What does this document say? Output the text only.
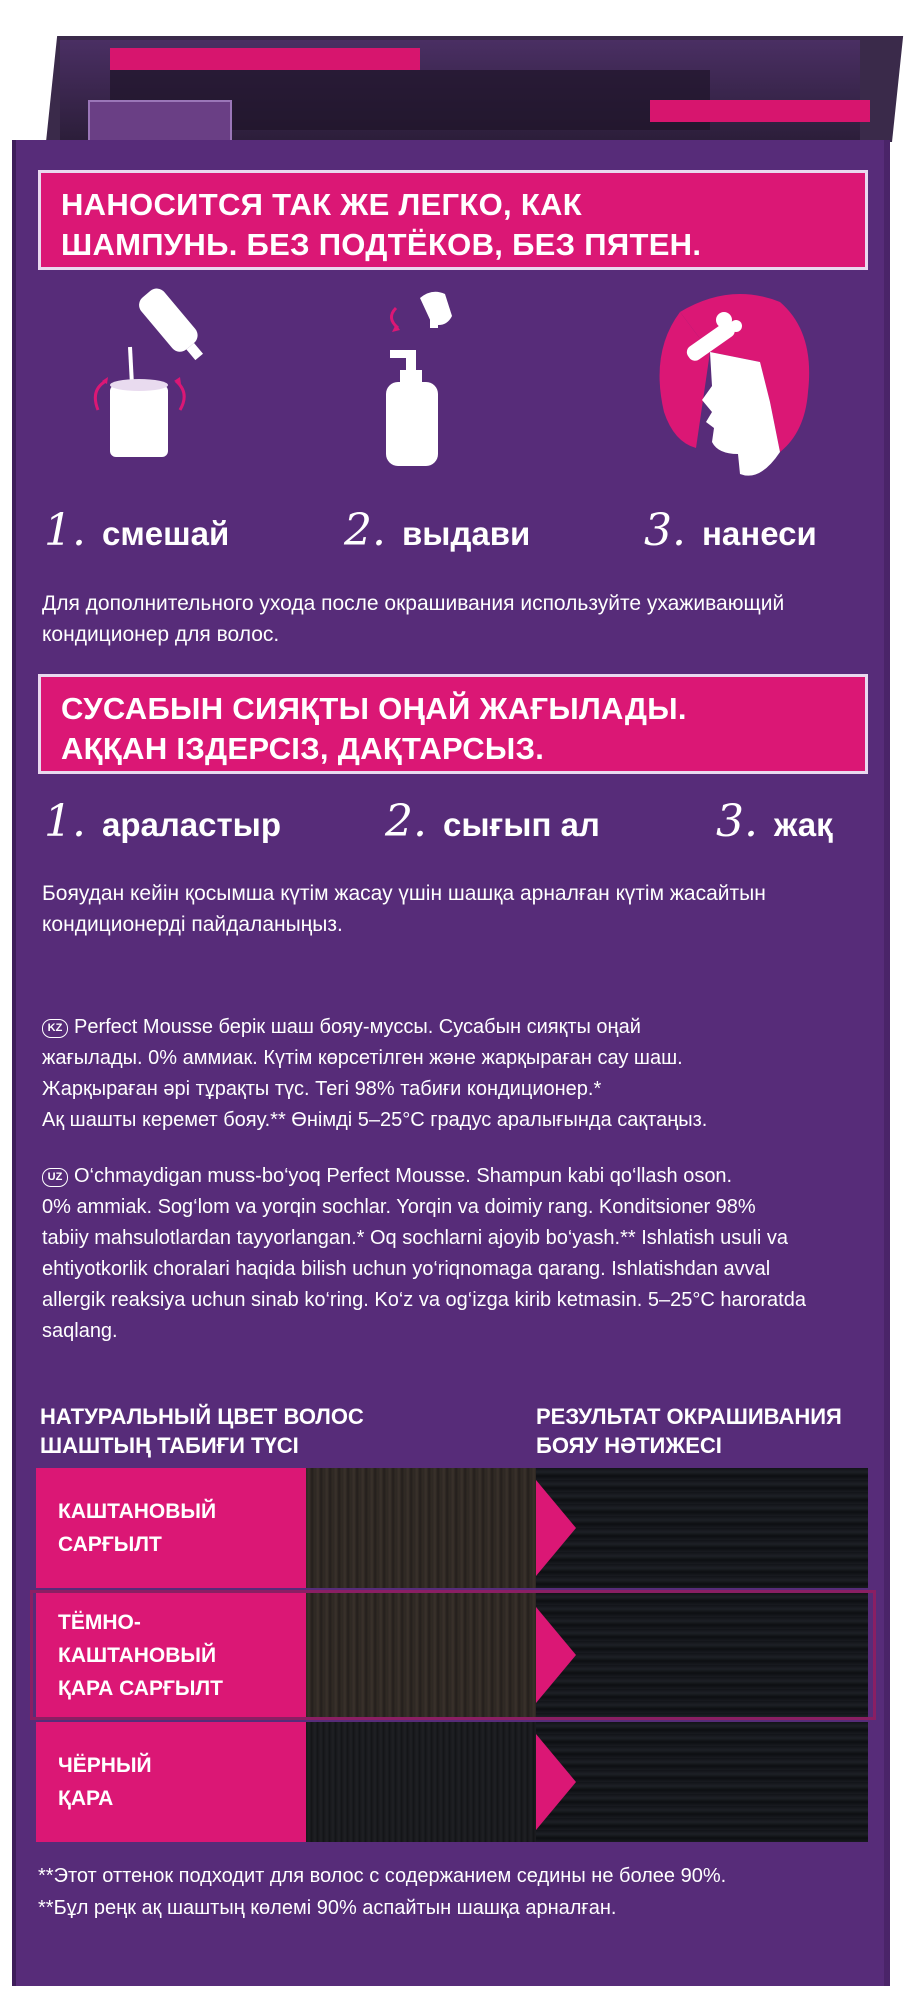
НАНОСИТСЯ ТАК ЖЕ ЛЕГКО, КАК
ШАМПУНЬ. БЕЗ ПОДТЁКОВ, БЕЗ ПЯТЕН.
1. смешай	2. выдави	3. нанеси
Для дополнительного ухода после окрашивания используйте ухаживающий
кондиционер для волос.
СУСАБЫН СИЯҚТЫ ОҢАЙ ЖАҒЫЛАДЫ.
АҚҚАН ІЗДЕРСІЗ, ДАҚТАРСЫЗ.
1. араластыр 2. сығып ал	3. жақ
Бояудан кейін қосымша күтім жасау үшін шашқа арналған күтім жасайтын
кондиционерді пайдаланыңыз.
KZ Perfect Mousse берік шаш бояу-муссы. Сусабын сияқты оңай
жағылады. 0% аммиак. Күтім көрсетілген және жарқыраған сау шаш.
Жарқыраған әрі тұрақты түс. Тегі 98% табиғи кондиционер.*
Ақ шашты керемет бояу.** Өнімді 5–25°С градус аралығында сақтаңыз.
UZ O‘chmaydigan muss-bo‘yoq Perfect Mousse. Shampun kabi qo‘llash oson.
0% ammiak. Sog‘lom va yorqin sochlar. Yorqin va doimiy rang. Konditsioner 98%
tabiiy mahsulotlardan tayyorlangan.* Oq sochlarni ajoyib bo‘yash.** Ishlatish usuli va
ehtiyotkorlik choralari haqida bilish uchun yo‘riqnomaga qarang. Ishlatishdan avval
allergik reaksiya uchun sinab ko‘ring. Ko‘z va og‘izga kirib ketmasin. 5–25°C haroratda
saqlang.
НАТУРАЛЬНЫЙ ЦВЕТ ВОЛОС
ШАШТЫҢ ТАБИҒИ ТҮСІ
РЕЗУЛЬТАТ ОКРАШИВАНИЯ
БОЯУ НӘТИЖЕСІ
КАШТАНОВЫЙ
САРҒЫЛТ
ТЁМНО-
КАШТАНОВЫЙ
ҚАРА САРҒЫЛТ
ЧЁРНЫЙ
ҚАРА
**Этот оттенок подходит для волос с содержанием седины не более 90%.
**Бұл реңк ақ шаштың көлемі 90% аспайтын шашқа арналған.
